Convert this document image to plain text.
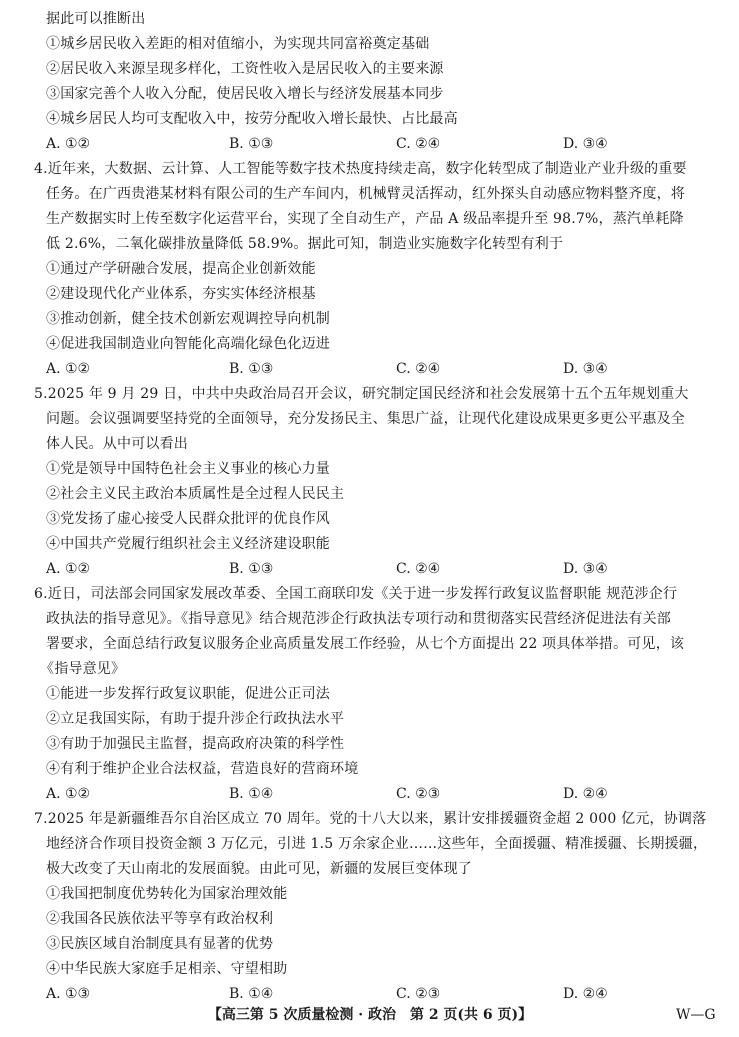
据此可以推断出
①城乡居民收入差距的相对值缩小，为实现共同富裕奠定基础
②居民收入来源呈现多样化，工资性收入是居民收入的主要来源
③国家完善个人收入分配，使居民收入增长与经济发展基本同步
④城乡居民人均可支配收入中，按劳分配收入增长最快、占比最高
A. ①②	B. ①③	C. ②④	D. ③④
4.近年来，大数据、云计算、人工智能等数字技术热度持续走高，数字化转型成了制造业产业升级的重要
任务。在广西贵港某材料有限公司的生产车间内，机械臂灵活挥动，红外探头自动感应物料整齐度，将
生产数据实时上传至数字化运营平台，实现了全自动生产，产品 A 级品率提升至 98.7%，蒸汽单耗降
低 2.6%，二氧化碳排放量降低 58.9%。据此可知，制造业实施数字化转型有利于
①通过产学研融合发展，提高企业创新效能
②建设现代化产业体系，夯实实体经济根基
③推动创新，健全技术创新宏观调控导向机制
④促进我国制造业向智能化高端化绿色化迈进
A. ①②	B. ①③	C. ②④	D. ③④
5.2025 年 9 月 29 日，中共中央政治局召开会议，研究制定国民经济和社会发展第十五个五年规划重大
问题。会议强调要坚持党的全面领导，充分发扬民主、集思广益，让现代化建设成果更多更公平惠及全
体人民。从中可以看出
①党是领导中国特色社会主义事业的核心力量
②社会主义民主政治本质属性是全过程人民民主
③党发扬了虚心接受人民群众批评的优良作风
④中国共产党履行组织社会主义经济建设职能
A. ①②	B. ①③	C. ②④	D. ③④
6.近日，司法部会同国家发展改革委、全国工商联印发《关于进一步发挥行政复议监督职能 规范涉企行
政执法的指导意见》。《指导意见》结合规范涉企行政执法专项行动和贯彻落实民营经济促进法有关部
署要求，全面总结行政复议服务企业高质量发展工作经验，从七个方面提出 22 项具体举措。可见，该
《指导意见》
①能进一步发挥行政复议职能，促进公正司法
②立足我国实际，有助于提升涉企行政执法水平
③有助于加强民主监督，提高政府决策的科学性
④有利于维护企业合法权益，营造良好的营商环境
A. ①②	B. ①④	C. ②③	D. ②④
7.2025 年是新疆维吾尔自治区成立 70 周年。党的十八大以来，累计安排援疆资金超 2 000 亿元，协调落
地经济合作项目投资金额 3 万亿元，引进 1.5 万余家企业……这些年，全面援疆、精准援疆、长期援疆，
极大改变了天山南北的发展面貌。由此可见，新疆的发展巨变体现了
①我国把制度优势转化为国家治理效能
②我国各民族依法平等享有政治权利
③民族区域自治制度具有显著的优势
④中华民族大家庭手足相亲、守望相助
A. ①③	B. ①④	C. ②③	D. ②④
【高三第 5 次质量检测 · 政治　第 2 页(共 6 页)】	W—G
